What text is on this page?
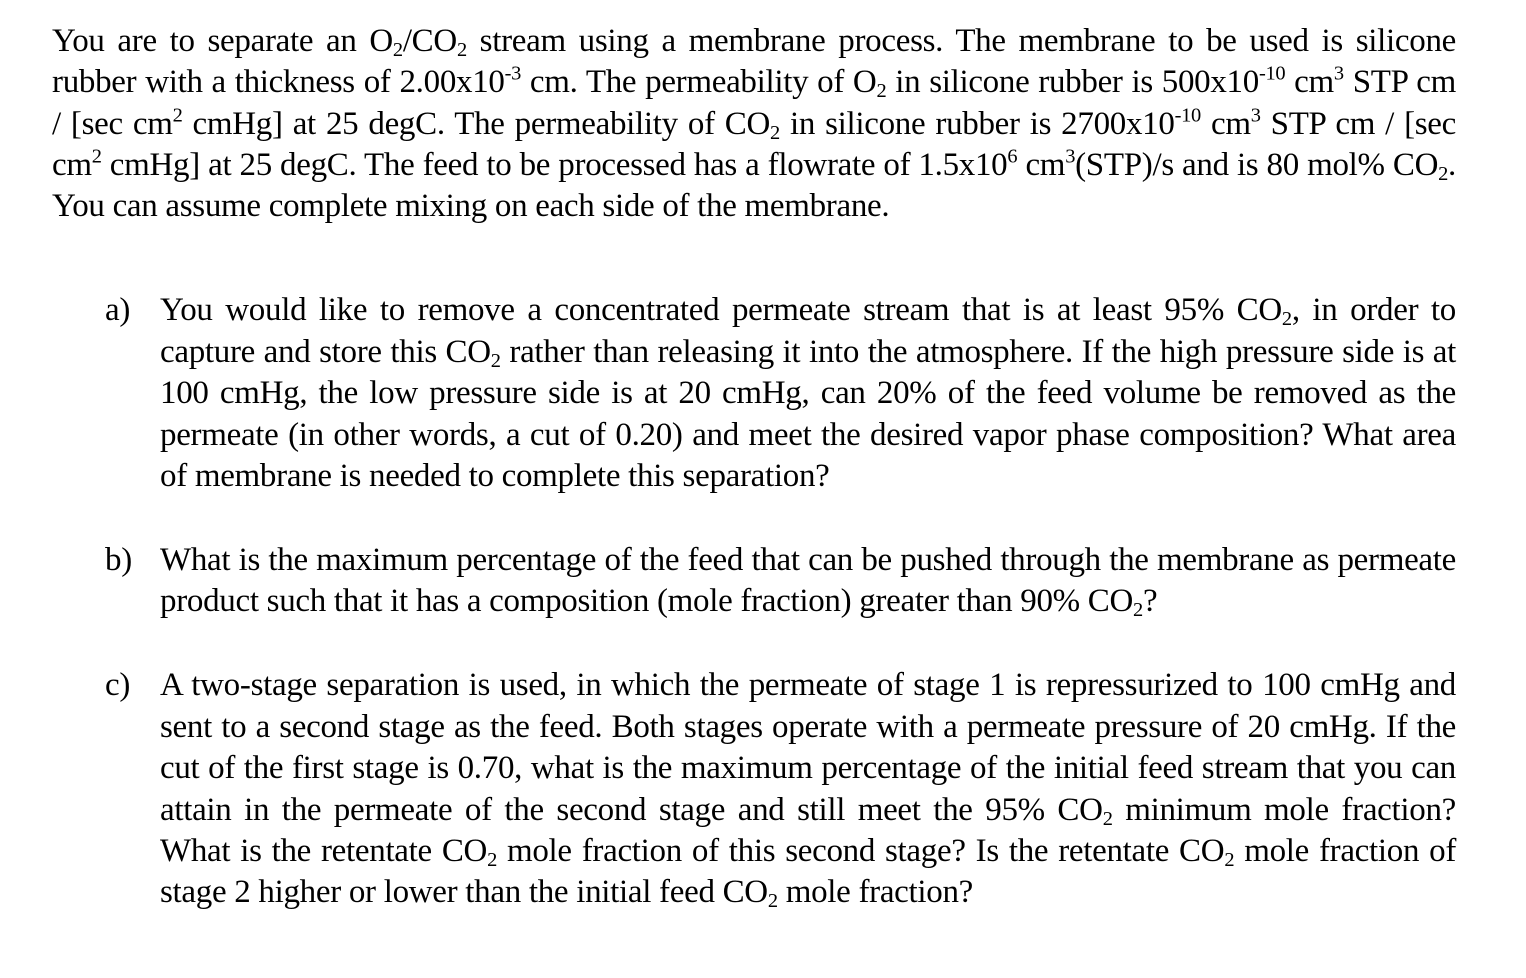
You are to separate an $O_2/CO_2$ stream using a membrane process. The membrane to be used is silicone rubber with a thickness of $2.00x10^{-3}$ cm. The permeability of $O_2$ in silicone rubber is $500x10^{-10}$ $cm^3$ STP cm / [sec $cm^2$ cmHg] at 25 degC. The permeability of $CO_2$ in silicone rubber is $2700x10^{-10}$ $cm^3$ STP cm / [sec $cm^2$ cmHg] at 25 degC. The feed to be processed has a flowrate of $1.5x10^6$ $cm^3(STP)/s$ and is 80 mol% $CO_2$. You can assume complete mixing on each side of the membrane.

a) You would like to remove a concentrated permeate stream that is at least 95% $CO_2$, in order to capture and store this $CO_2$ rather than releasing it into the atmosphere. If the high pressure side is at 100 cmHg, the low pressure side is at 20 cmHg, can 20% of the feed volume be removed as the permeate (in other words, a cut of 0.20) and meet the desired vapor phase composition? What area of membrane is needed to complete this separation?
b) What is the maximum percentage of the feed that can be pushed through the membrane as permeate product such that it has a composition (mole fraction) greater than 90% $CO_2$?
c) A two-stage separation is used, in which the permeate of stage 1 is repressurized to 100 cmHg and sent to a second stage as the feed. Both stages operate with a permeate pressure of 20 cmHg. If the cut of the first stage is 0.70, what is the maximum percentage of the initial feed stream that you can attain in the permeate of the second stage and still meet the 95% $CO_2$ minimum mole fraction? What is the retentate $CO_2$ mole fraction of this second stage? Is the retentate $CO_2$ mole fraction of stage 2 higher or lower than the initial feed $CO_2$ mole fraction?
